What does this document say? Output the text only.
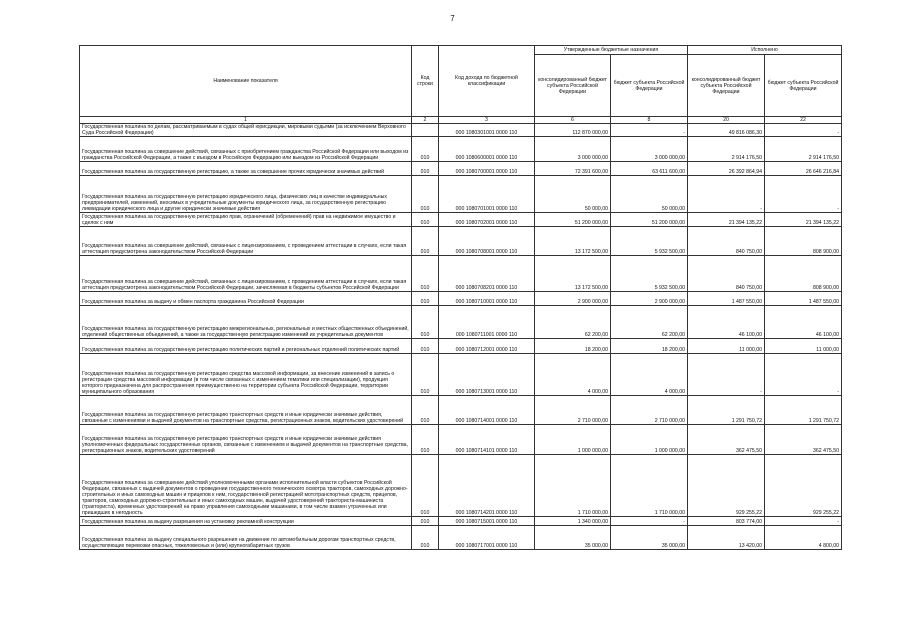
7
Наименование показателя	Код строки	Код дохода по бюджетной классификации	Утвержденные бюджетные назначения		Исполнено	
			консолидированный бюджет субъекта Российской Федерации	бюджет субъекта Российской Федерации	консолидированный бюджет субъекта Российской Федерации	бюджет субъекта Российской Федерации
1	2	3	6	8	20	22
Государственная пошлина по делам, рассматриваемым в судах общей юрисдикции, мировыми судьями (за исключением Верховного Суда Российской Федерации)		000 1080301001 0000 110	112 870 000,00	-	49 816 086,30	-
Государственная пошлина за совершение действий, связанных с приобретением гражданства Российской Федерации или выходом из гражданства Российской Федерации, а также с въездом в Российскую Федерацию или выездом из Российской Федерации	010	000 1080600001 0000 110	3 000 000,00	3 000 000,00	2 914 176,50	2 914 176,50
Государственная пошлина за государственную регистрацию, а также за совершение прочих юридически значимых действий	010	000 1080700001 0000 110	72 391 600,00	63 611 600,00	26 392 864,94	26 646 216,84
Государственная пошлина за государственную регистрацию юридического лица, физических лиц в качестве индивидуальных предпринимателей, изменений, вносимых в учредительные документы юридического лица, за государственную регистрацию ликвидации юридического лица и другие юридически значимые действия	010	000 1080701001 0000 110	50 000,00	50 000,00	-	-
Государственная пошлина за государственную регистрацию прав, ограничений (обременений) прав на недвижимое имущество и сделок с ним	010	000 1080702001 0000 110	51 200 000,00	51 200 000,00	21 394 135,22	21 394 135,22
Государственная пошлина за совершение действий, связанных с лицензированием, с проведением аттестации в случаях, если такая аттестация предусмотрена законодательством Российской Федерации	010	000 1080708001 0000 110	13 172 500,00	5 932 500,00	840 750,00	808 900,00
Государственная пошлина за совершение действий, связанных с лицензированием, с проведением аттестации в случаях, если такая аттестация предусмотрена законодательством Российской Федерации, зачисляемая в бюджеты субъектов Российской Федерации	010	000 1080708201 0000 110	13 172 500,00	5 932 500,00	840 750,00	808 900,00
Государственная пошлина за выдачу и обмен паспорта гражданина Российской Федерации	010	000 1080710001 0000 110	2 900 000,00	2 900 000,00	1 487 550,00	1 487 550,00
Государственная пошлина за государственную регистрацию межрегиональных, региональных и местных общественных объединений, отделений общественных объединений, а также за государственную регистрацию изменений их учредительных документов	010	000 1080711001 0000 110	62 200,00	62 200,00	46 100,00	46 100,00
Государственная пошлина за государственную регистрацию политических партий и региональных отделений политических партий	010	000 1080712001 0000 110	18 200,00	18 200,00	11 000,00	11 000,00
Государственная пошлина за государственную регистрацию средства массовой информации, за внесение изменений в запись о регистрации средства массовой информации (в том числе связанных с изменением тематики или специализации), продукция которого предназначена для распространения преимущественно на территории субъекта Российской Федерации, территории муниципального образования	010	000 1080713001 0000 110	4 000,00	4 000,00	-	-
Государственная пошлина за государственную регистрацию транспортных средств и иные юридически значимые действия, связанные с изменениями и выдачей документов на транспортные средства, регистрационных знаков, водительских удостоверений	010	000 1080714001 0000 110	2 710 000,00	2 710 000,00	1 291 750,72	1 291 750,72
Государственная пошлина за государственную регистрацию транспортных средств и иные юридически значимые действия уполномоченных федеральных государственных органов, связанные с изменением и выдачей документов на транспортные средства, регистрационных знаков, водительских удостоверений	010	000 1080714101 0000 110	1 000 000,00	1 000 000,00	362 475,50	362 475,50
Государственная пошлина за совершение действий уполномоченными органами исполнительной власти субъектов Российской Федерации, связанных с выдачей документов о проведении государственного технического осмотра тракторов, самоходных дорожно-строительных и иных самоходных машин и прицепов к ним, государственной регистрацией мототранспортных средств, прицепов, тракторов, самоходных дорожно-строительных и иных самоходных машин, выдачей удостоверений тракториста-машиниста (тракториста), временных удостоверений на право управления самоходными машинами, в том числе взамен утраченных или пришедших в негодность	010	000 1080714201 0000 110	1 710 000,00	1 710 000,00	929 255,22	929 255,22
Государственная пошлина за выдачу разрешения на установку рекламной конструкции	010	000 1080715001 0000 110	1 340 000,00	-	803 774,00	-
Государственная пошлина за выдачу специального разрешения на движение по автомобильным дорогам транспортных средств, осуществляющих перевозки опасных, тяжеловесных и (или) крупногабаритных грузов	010	000 1080717001 0000 110	35 000,00	35 000,00	13 420,00	4 800,00
